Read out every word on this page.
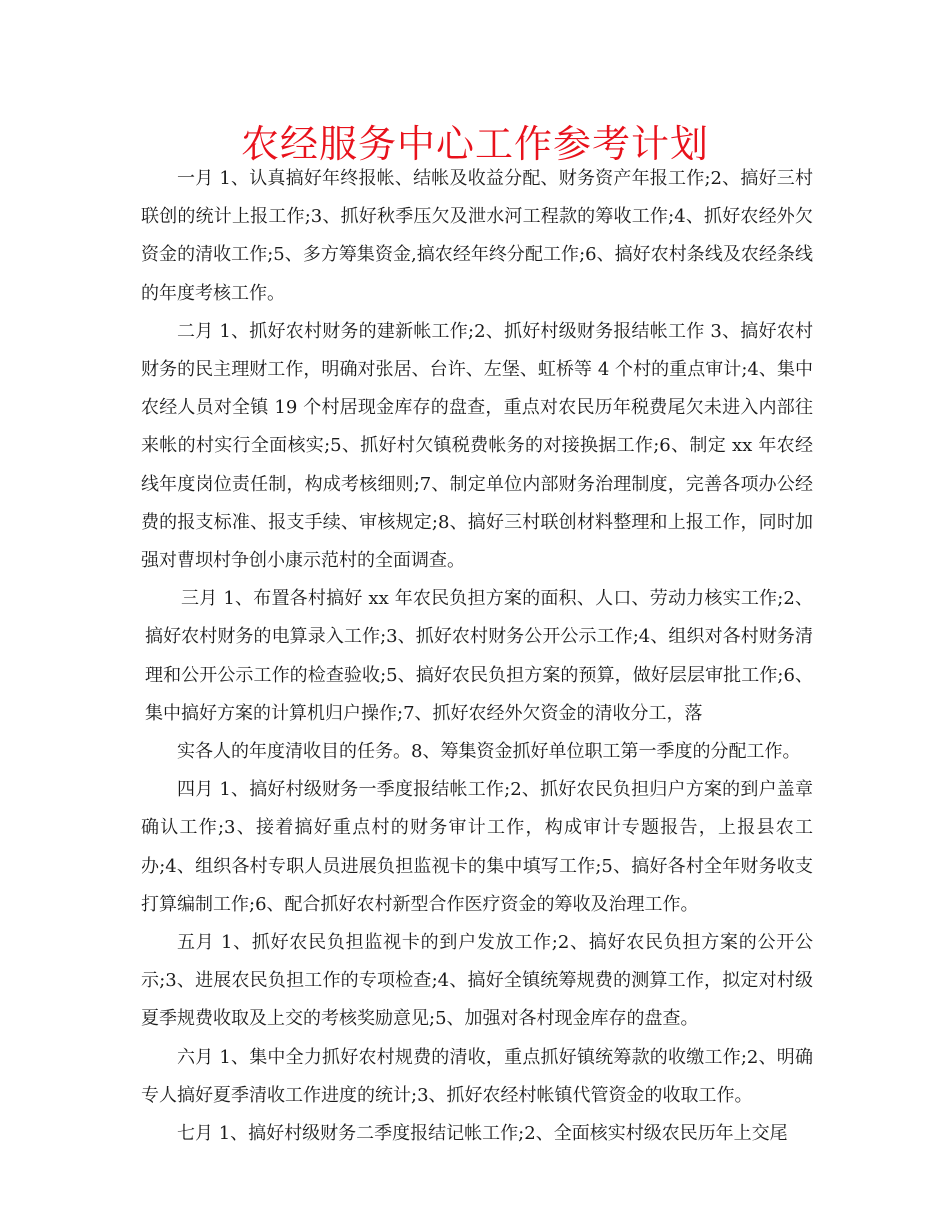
农经服务中心工作参考计划

一月 1、认真搞好年终报帐、结帐及收益分配、财务资产年报工作;2、搞好三村联创的统计上报工作;3、抓好秋季压欠及泄水河工程款的筹收工作;4、抓好农经外欠资金的清收工作;5、多方筹集资金,搞农经年终分配工作;6、搞好农村条线及农经条线的年度考核工作。

二月 1、抓好农村财务的建新帐工作;2、抓好村级财务报结帐工作 3、搞好农村财务的民主理财工作，明确对张居、台许、左堡、虹桥等 4 个村的重点审计;4、集中农经人员对全镇 19 个村居现金库存的盘查，重点对农民历年税费尾欠未进入内部往来帐的村实行全面核实;5、抓好村欠镇税费帐务的对接换据工作;6、制定 xx 年农经线年度岗位责任制，构成考核细则;7、制定单位内部财务治理制度，完善各项办公经费的报支标准、报支手续、审核规定;8、搞好三村联创材料整理和上报工作，同时加强对曹坝村争创小康示范村的全面调查。

三月 1、布置各村搞好 xx 年农民负担方案的面积、人口、劳动力核实工作;2、搞好农村财务的电算录入工作;3、抓好农村财务公开公示工作;4、组织对各村财务清理和公开公示工作的检查验收;5、搞好农民负担方案的预算，做好层层审批工作;6、集中搞好方案的计算机归户操作;7、抓好农经外欠资金的清收分工，落

实各人的年度清收目的任务。8、筹集资金抓好单位职工第一季度的分配工作。

四月 1、搞好村级财务一季度报结帐工作;2、抓好农民负担归户方案的到户盖章确认工作;3、接着搞好重点村的财务审计工作，构成审计专题报告，上报县农工办;4、组织各村专职人员进展负担监视卡的集中填写工作;5、搞好各村全年财务收支打算编制工作;6、配合抓好农村新型合作医疗资金的筹收及治理工作。

五月 1、抓好农民负担监视卡的到户发放工作;2、搞好农民负担方案的公开公示;3、进展农民负担工作的专项检查;4、搞好全镇统筹规费的测算工作，拟定对村级夏季规费收取及上交的考核奖励意见;5、加强对各村现金库存的盘查。

六月 1、集中全力抓好农村规费的清收，重点抓好镇统筹款的收缴工作;2、明确专人搞好夏季清收工作进度的统计;3、抓好农经村帐镇代管资金的收取工作。

七月 1、搞好村级财务二季度报结记帐工作;2、全面核实村级农民历年上交尾
